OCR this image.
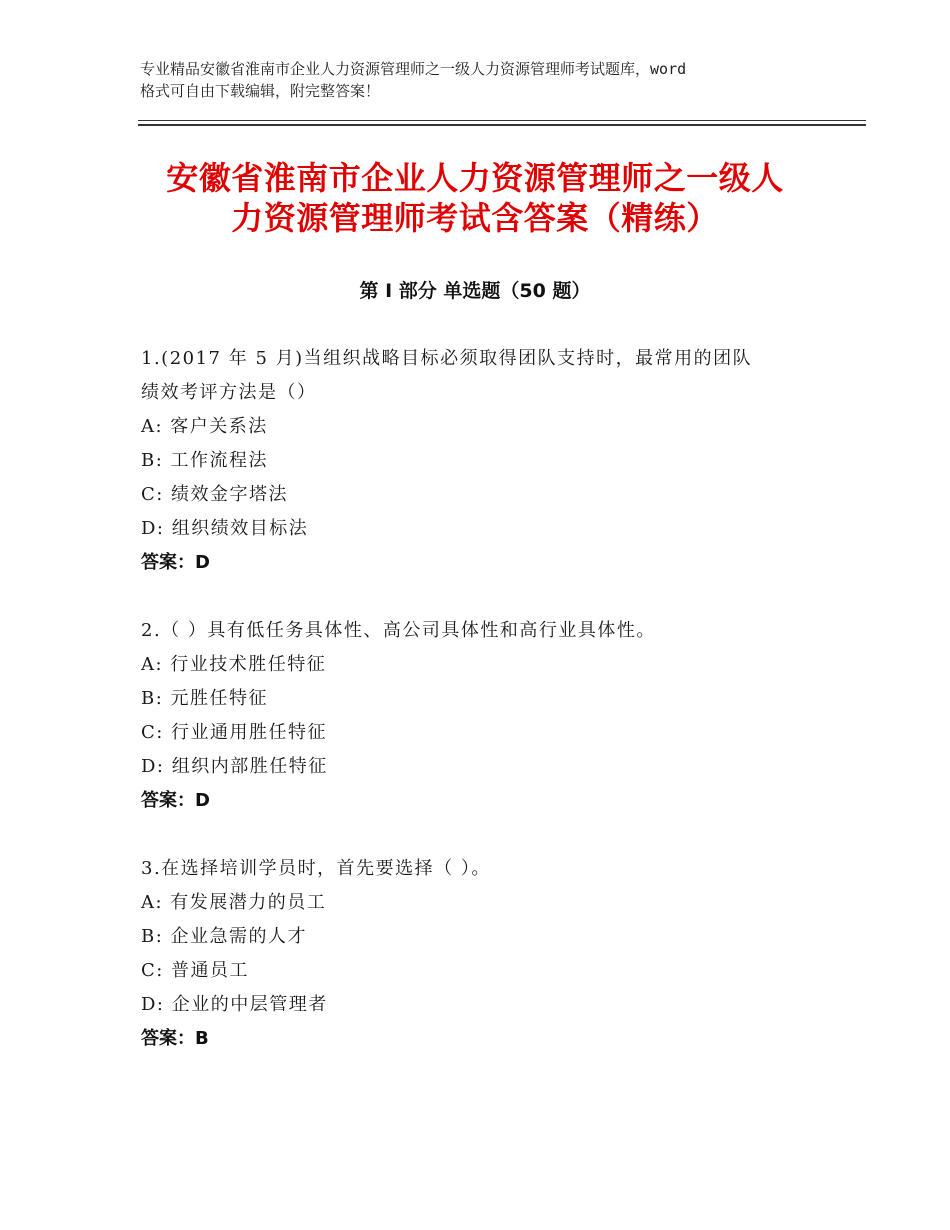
专业精品安徽省淮南市企业人力资源管理师之一级人力资源管理师考试题库，word
格式可自由下载编辑，附完整答案！
安徽省淮南市企业人力资源管理师之一级人
力资源管理师考试含答案（精练）
第 I 部分 单选题（50 题）
1.(2017 年 5 月)当组织战略目标必须取得团队支持时，最常用的团队
绩效考评方法是（）
A: 客户关系法
B: 工作流程法
C: 绩效金字塔法
D: 组织绩效目标法
答案：D
2.（ ）具有低任务具体性、高公司具体性和高行业具体性。
A: 行业技术胜任特征
B: 元胜任特征
C: 行业通用胜任特征
D: 组织内部胜任特征
答案：D
3.在选择培训学员时，首先要选择（ ）。
A: 有发展潜力的员工
B: 企业急需的人才
C: 普通员工
D: 企业的中层管理者
答案：B
